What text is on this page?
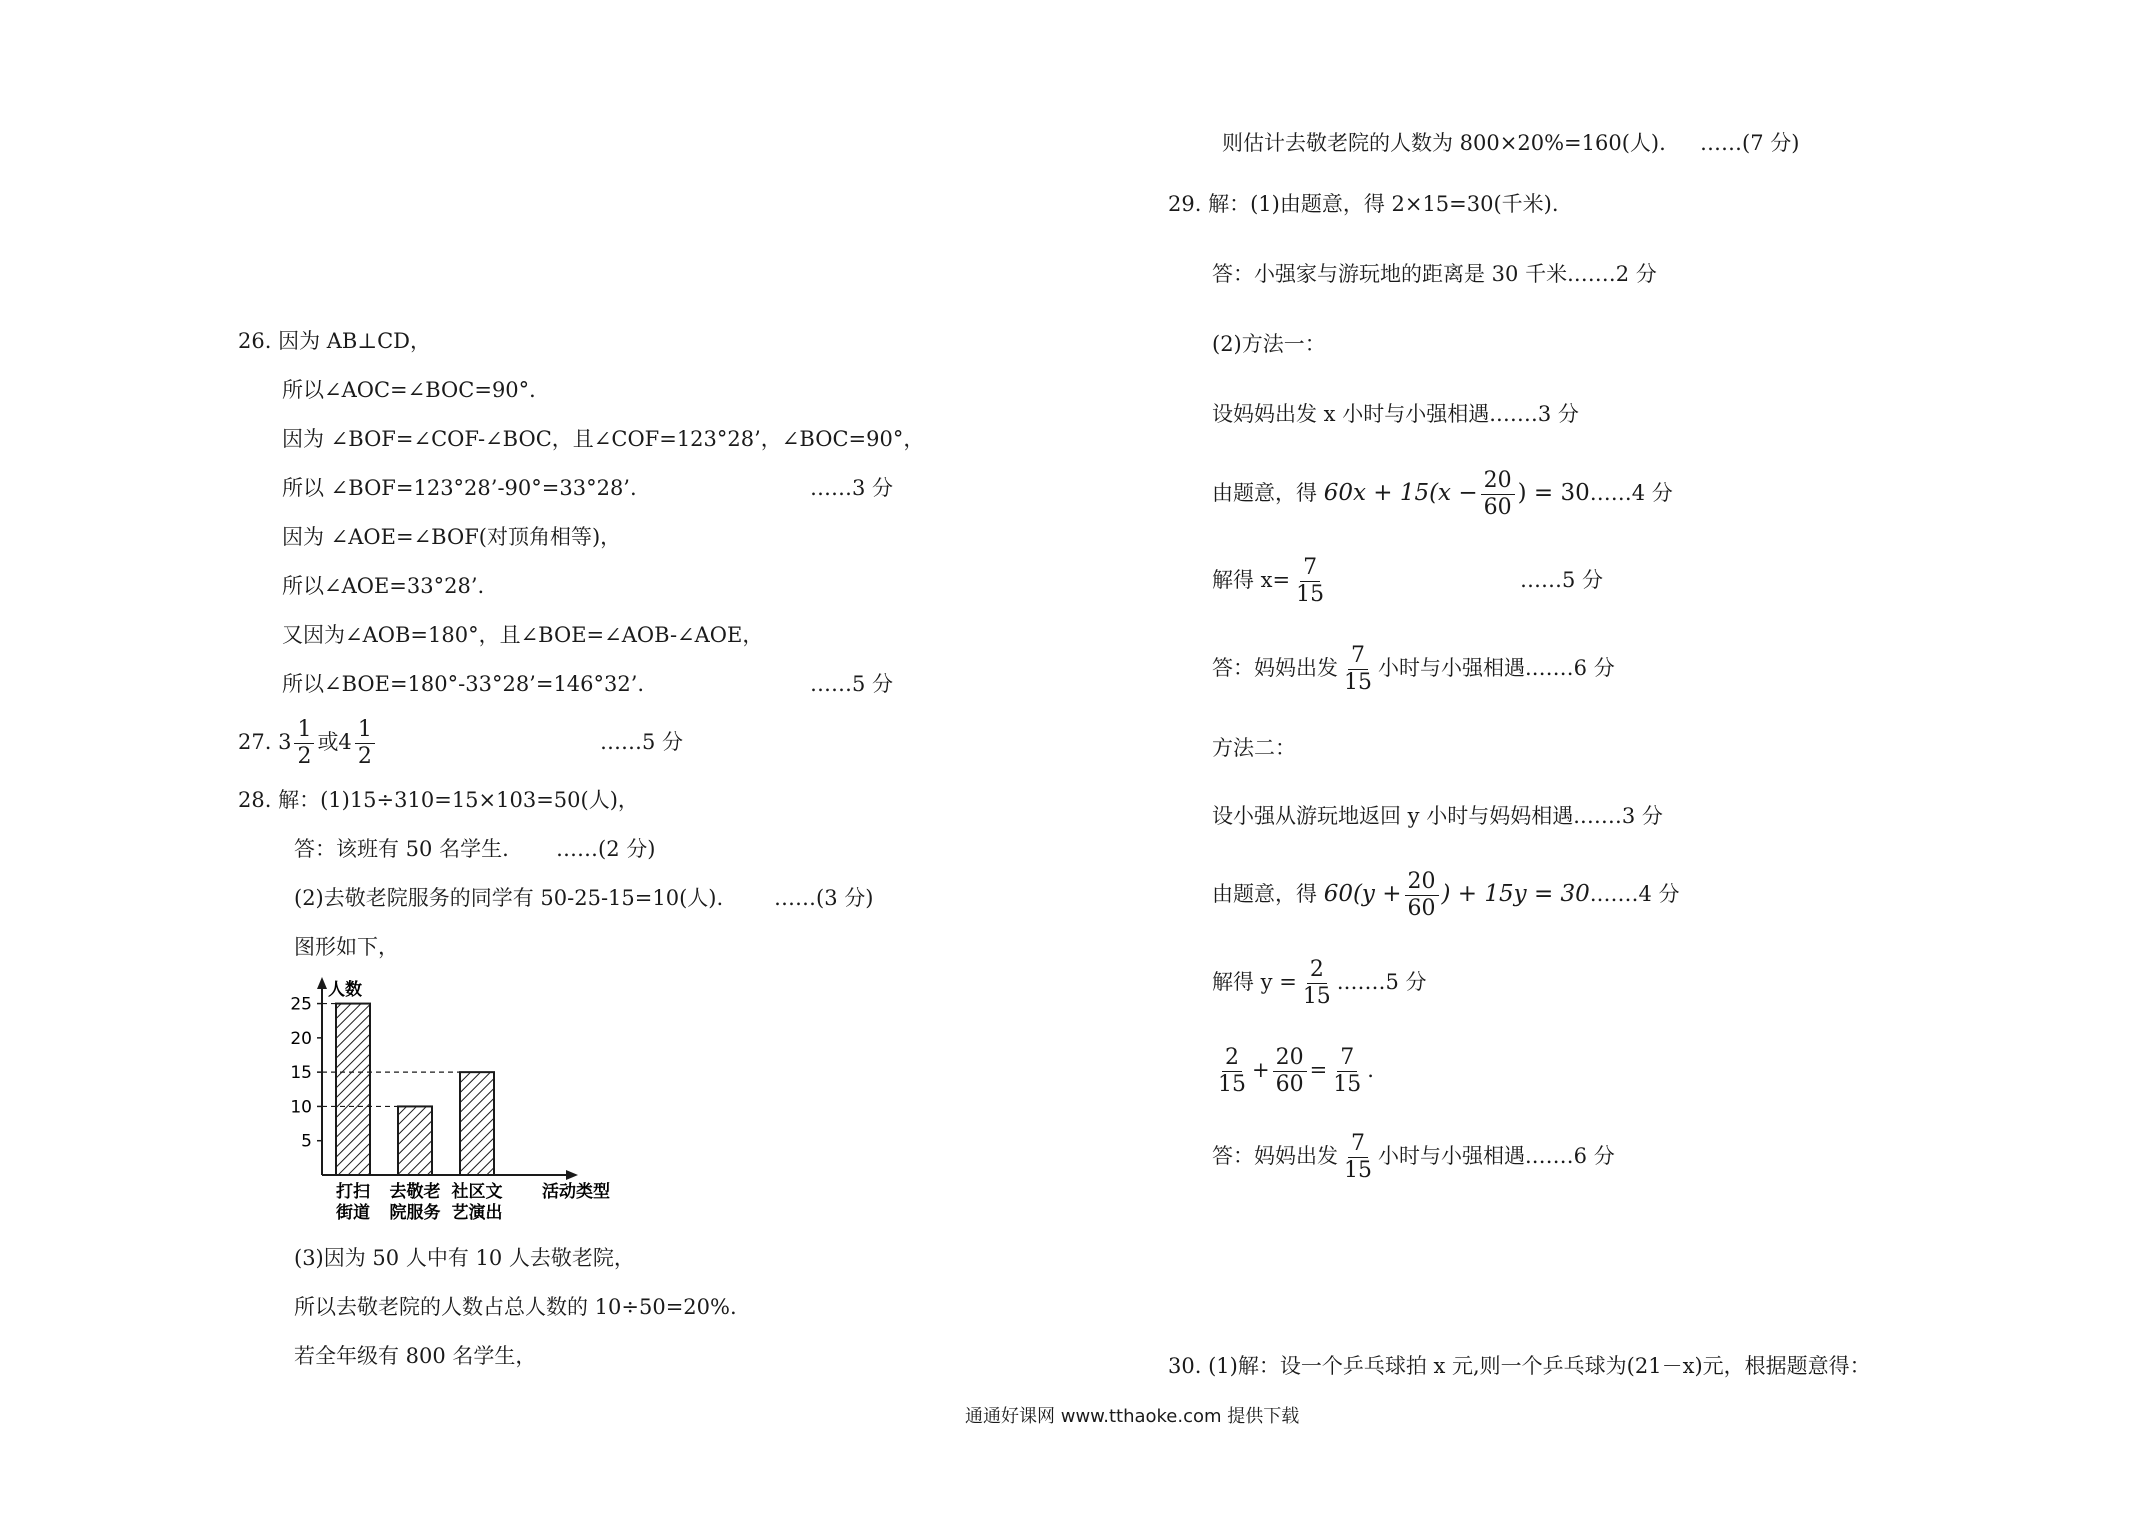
26. 因为 AB⊥CD，
所以∠AOC=∠BOC=90°．
因为 ∠BOF=∠COF-∠BOC，且∠COF=123°28’，∠BOC=90°，
所以 ∠BOF=123°28’-90°=33°28’.	……3 分
因为 ∠AOE=∠BOF(对顶角相等)，
所以∠AOE=33°28’.
又因为∠AOB=180°，且∠BOE=∠AOB-∠AOE，
所以∠BOE=180°-33°28’=146°32’.	……5 分
27. $3 \frac{1}{2}$ 或$4 \frac{1}{2}$	……5 分
28. 解：(1)15÷310=15×103=50(人)，
答：该班有 50 名学生. ……(2 分)
(2)去敬老院服务的同学有 50-25-15=10(人). ……(3 分)
图形如下，
人数
活动类型
5
10
15
20
25
打扫
街道
去敬老
院服务
社区文
艺演出
(3)因为 50 人中有 10 人去敬老院，
所以去敬老院的人数占总人数的 10÷50=20%.
若全年级有 800 名学生，
则估计去敬老院的人数为 800×20%=160(人). ……(7 分)
29. 解：(1)由题意，得 2×15=30(千米).
答：小强家与游玩地的距离是 30 千米.……2 分
(2)方法一：
设妈妈出发 x 小时与小强相遇.……3 分
由题意，得 $60x + 15(x - \frac{20}{60}$ ) = 30……4 分
解得 $x= \frac{7}{15}$	……5 分
答：妈妈出发 $\frac{7}{15}$ 小时与小强相遇.……6 分
方法二：
设小强从游玩地返回 y 小时与妈妈相遇.……3 分
由题意，得 $60(y + \frac{20}{60}$ ) + 15y = 30.……4 分
解得 $y = \frac{2}{15}$ .……5 分
$\frac{2}{15} + \frac{20}{60} = \frac{7}{15}$ .
答：妈妈出发 $\frac{7}{15}$ 小时与小强相遇.……6 分
30. (1)解：设一个乒乓球拍 x 元,则一个乒乓球为(21－x)元，根据题意得：
通通好课网 www.tthaoke.com 提供下载
